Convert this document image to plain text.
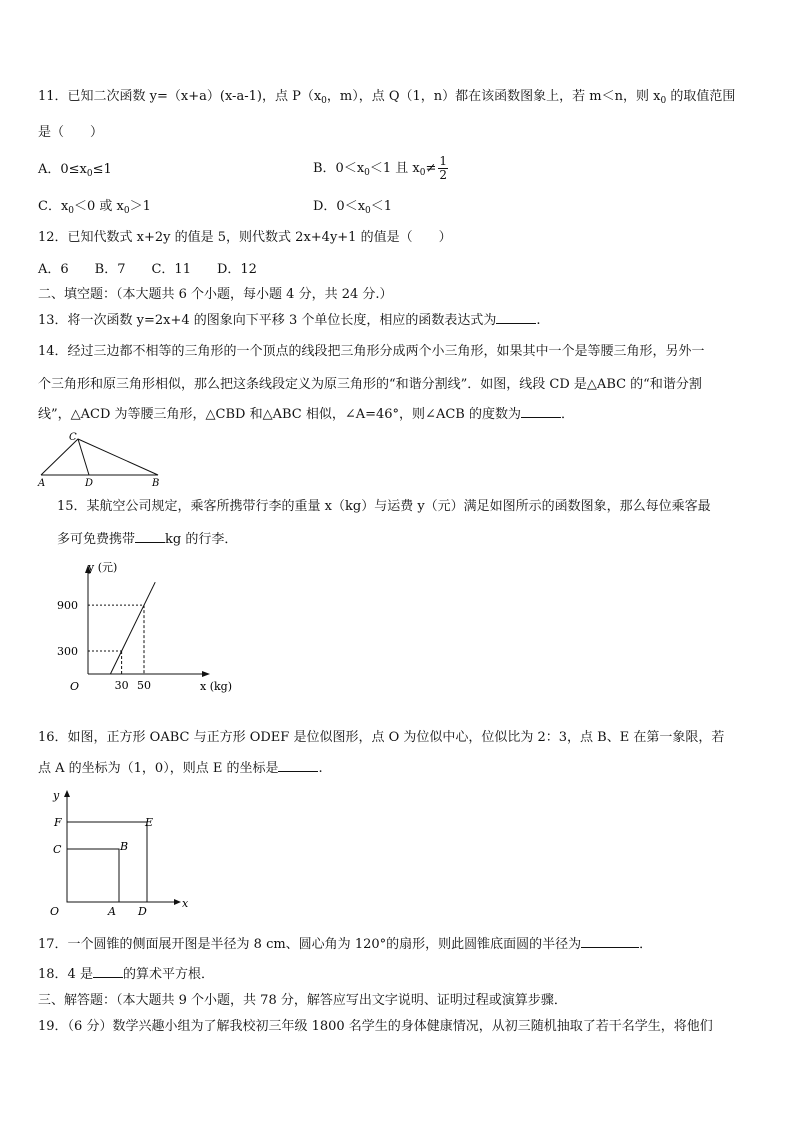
11．已知二次函数 y=（x+a）(x-a-1)，点 $P(x_0$，m），点 Q（1，n）都在该函数图象上，若 m＜n，则 $x_0$ 的取值范围
是（　　）
A．$0\le x_0\le 1$	B．$0<x_0<1$ 且 $x_0\ne \frac{1}{2}$
C．$x_0<0$ 或 $x_0>1$	D．$0<x_0<1$
12．已知代数式 x+2y 的值是 5，则代数式 2x+4y+1 的值是（　　）
A．6　　B．7　　C．11　　D．12
二、填空题：（本大题共 6 个小题，每小题 4 分，共 24 分.）
13．将一次函数 y=2x+4 的图象向下平移 3 个单位长度，相应的函数表达式为	.
14．经过三边都不相等的三角形的一个顶点的线段把三角形分成两个小三角形，如果其中一个是等腰三角形，另外一
个三角形和原三角形相似，那么把这条线段定义为原三角形的“和谐分割线”．如图，线段 CD 是△ABC 的“和谐分割
线”，△ACD 为等腰三角形，△CBD 和△ABC 相似，∠A=46°，则∠ACB 的度数为	．
C
A	D	B
15．某航空公司规定，乘客所携带行李的重量 x（kg）与运费 y（元）满足如图所示的函数图象，那么每位乘客最
多可免费携带 kg 的行李．
y (元)
x (kg)
O	30 50
300
900
16．如图，正方形 OABC 与正方形 ODEF 是位似图形，点 O 为位似中心，位似比为 2：3，点 B、E 在第一象限，若
点 A 的坐标为（1，0），则点 E 的坐标是	.
y
x
O
F	E
C	B
A D
17．一个圆锥的侧面展开图是半径为 8 cm、圆心角为 120°的扇形，则此圆锥底面圆的半径为	．
18．4 是 的算术平方根．
三、解答题：（本大题共 9 个小题，共 78 分，解答应写出文字说明、证明过程或演算步骤．
19．（6 分）数学兴趣小组为了解我校初三年级 1800 名学生的身体健康情况，从初三随机抽取了若干名学生，将他们
